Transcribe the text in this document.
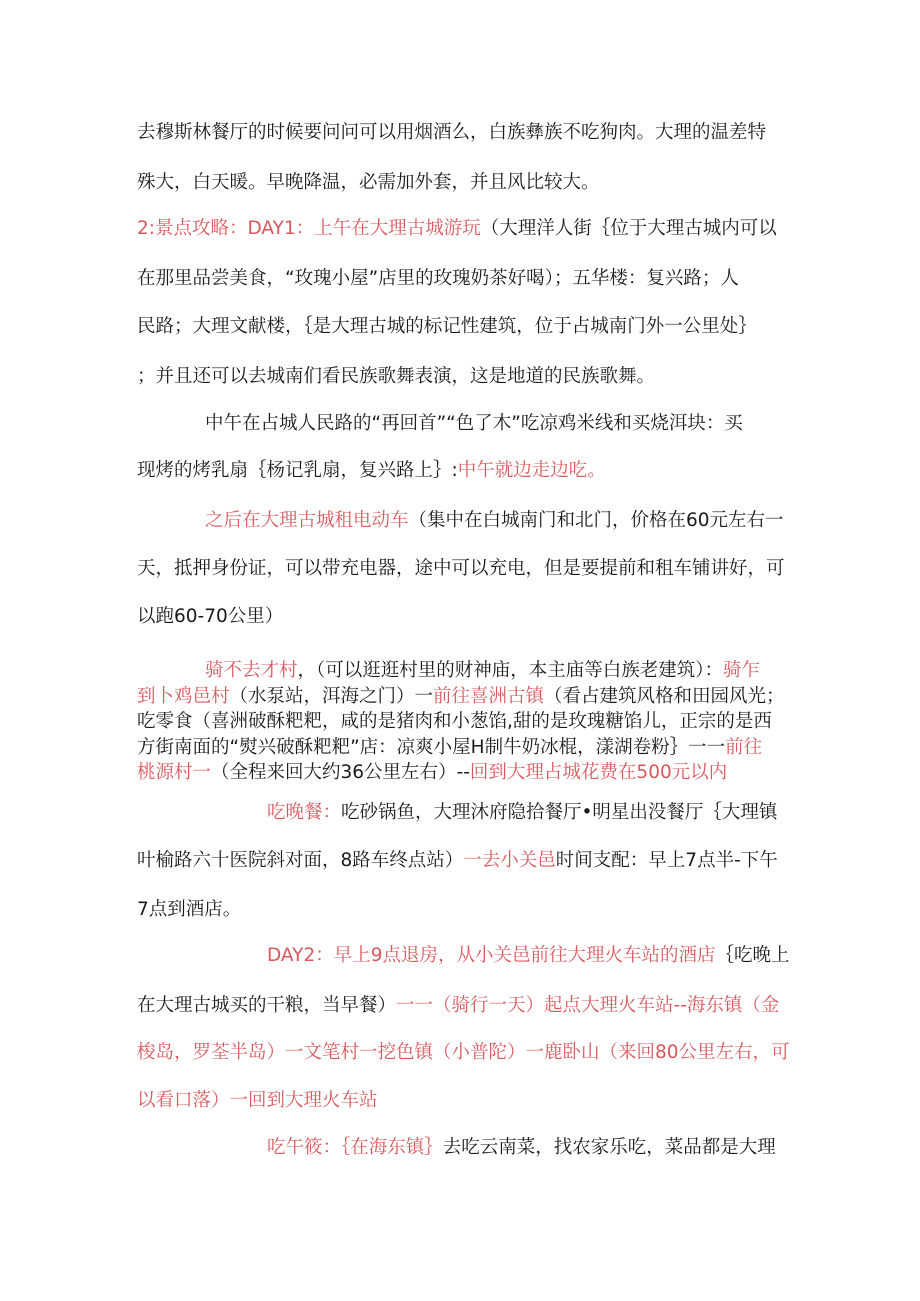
去穆斯林餐厅的时候要问问可以用烟酒么，白族彝族不吃狗肉。大理的温差特
殊大，白天暖。早晚降温，必需加外套，并且风比较大。
2:景点攻略：DAY1：上午在大理古城游玩（大理洋人街｛位于大理古城内可以
在那里品尝美食，“玫瑰小屋”店里的玫瑰奶茶好喝）；五华楼：复兴路；人
民路；大理文献楼，｛是大理古城的标记性建筑，位于占城南门外一公里处｝
；并且还可以去城南们看民族歌舞表演，这是地道的民族歌舞。
中午在占城人民路的“再回首”“色了木”吃凉鸡米线和买烧洱块：买
现烤的烤乳扇｛杨记乳扇，复兴路上｝:中午就边走边吃。
之后在大理古城租电动车（集中在白城南门和北门，价格在60元左右一
天，抵押身份证，可以带充电器，途中可以充电，但是要提前和租车铺讲好，可
以跑60-70公里）
骑不去才村，（可以逛逛村里的财神庙，本主庙等白族老建筑）：骑乍
到卜鸡邑村（水泵站，洱海之门）一前往喜洲古镇（看占建筑风格和田园风光；
吃零食（喜洲破酥粑粑，咸的是猪肉和小葱馅,甜的是玫瑰糖馅儿，正宗的是西
方街南面的“熨兴破酥粑粑”店：凉爽小屋H制牛奶冰棍，漾湖卷粉｝一一前往
桃源村一（全程来回大约36公里左右）--回到大理占城花费在500元以内
吃晚餐：吃砂锅鱼，大理沐府隐拾餐厅•明星出没餐厅｛大理镇
叶榆路六十医院斜对面，8路车终点站）一去小关邑时间支配：早上7点半-下午
7点到酒店。
DAY2：早上9点退房，从小关邑前往大理火车站的酒店｛吃晚上
在大理古城买的干粮，当早餐）一一（骑行一天）起点大理火车站--海东镇（金
梭岛，罗荃半岛）一文笔村一挖色镇（小普陀）一鹿卧山（来回80公里左右，可
以看口落）一回到大理火车站
吃午筱：｛在海东镇｝去吃云南菜，找农家乐吃，菜品都是大理
